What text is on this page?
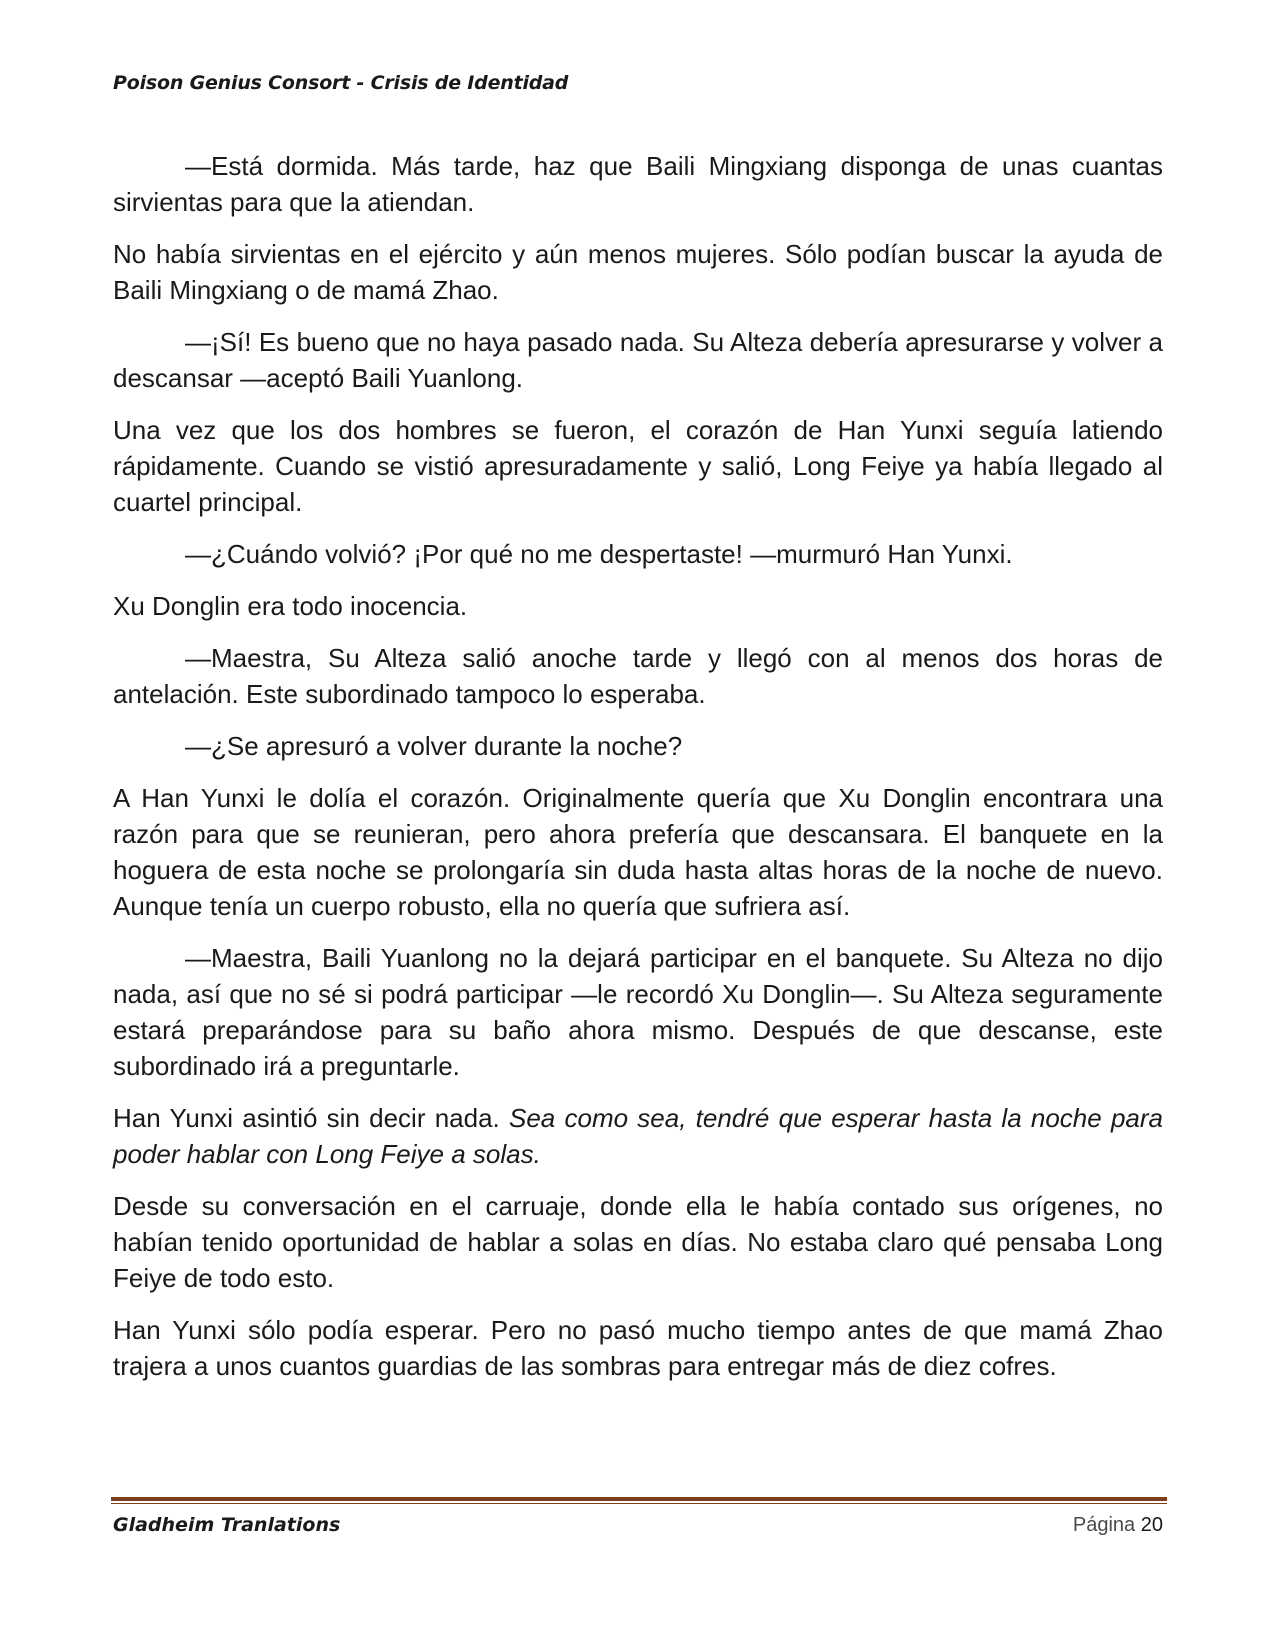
Poison Genius Consort - Crisis de Identidad

—Está dormida. Más tarde, haz que Baili Mingxiang disponga de unas cuantas sirvientas para que la atiendan.

No había sirvientas en el ejército y aún menos mujeres. Sólo podían buscar la ayuda de Baili Mingxiang o de mamá Zhao.

—¡Sí! Es bueno que no haya pasado nada. Su Alteza debería apresurarse y volver a descansar —aceptó Baili Yuanlong.

Una vez que los dos hombres se fueron, el corazón de Han Yunxi seguía latiendo rápidamente. Cuando se vistió apresuradamente y salió, Long Feiye ya había llegado al cuartel principal.

—¿Cuándo volvió? ¡Por qué no me despertaste! —murmuró Han Yunxi.

Xu Donglin era todo inocencia.

—Maestra, Su Alteza salió anoche tarde y llegó con al menos dos horas de antelación. Este subordinado tampoco lo esperaba.

—¿Se apresuró a volver durante la noche?

A Han Yunxi le dolía el corazón. Originalmente quería que Xu Donglin encontrara una razón para que se reunieran, pero ahora prefería que descansara. El banquete en la hoguera de esta noche se prolongaría sin duda hasta altas horas de la noche de nuevo. Aunque tenía un cuerpo robusto, ella no quería que sufriera así.

—Maestra, Baili Yuanlong no la dejará participar en el banquete. Su Alteza no dijo nada, así que no sé si podrá participar —le recordó Xu Donglin—. Su Alteza seguramente estará preparándose para su baño ahora mismo. Después de que descanse, este subordinado irá a preguntarle.

Han Yunxi asintió sin decir nada. Sea como sea, tendré que esperar hasta la noche para poder hablar con Long Feiye a solas.

Desde su conversación en el carruaje, donde ella le había contado sus orígenes, no habían tenido oportunidad de hablar a solas en días. No estaba claro qué pensaba Long Feiye de todo esto.

Han Yunxi sólo podía esperar. Pero no pasó mucho tiempo antes de que mamá Zhao trajera a unos cuantos guardias de las sombras para entregar más de diez cofres.

Gladheim Tranlations	Página 20
